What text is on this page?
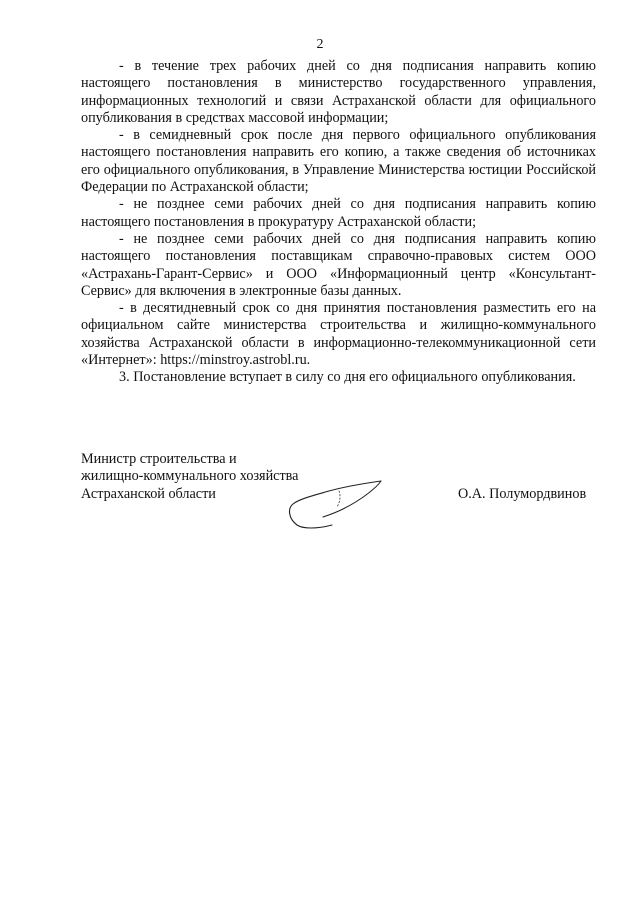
2

- в течение трех рабочих дней со дня подписания направить копию настоящего постановления в министерство государственного управления, информационных технологий и связи Астраханской области для официального опубликования в средствах массовой информации;

- в семидневный срок после дня первого официального опубликования настоящего постановления направить его копию, а также сведения об источниках его официального опубликования, в Управление Министерства юстиции Российской Федерации по Астраханской области;

- не позднее семи рабочих дней со дня подписания направить копию настоящего постановления в прокуратуру Астраханской области;

- не позднее семи рабочих дней со дня подписания направить копию настоящего постановления поставщикам справочно-правовых систем ООО «Астрахань-Гарант-Сервис» и ООО «Информационный центр «Консультант-Сервис» для включения в электронные базы данных.

- в десятидневный срок со дня принятия постановления разместить его на официальном сайте министерства строительства и жилищно-коммунального хозяйства Астраханской области в информационно-телекоммуникационной сети «Интернет»: https://minstroy.astrobl.ru.

3. Постановление вступает в силу со дня его официального опубликования.

Министр строительства и
жилищно-коммунального хозяйства
Астраханской области	О.А. Полумордвинов
